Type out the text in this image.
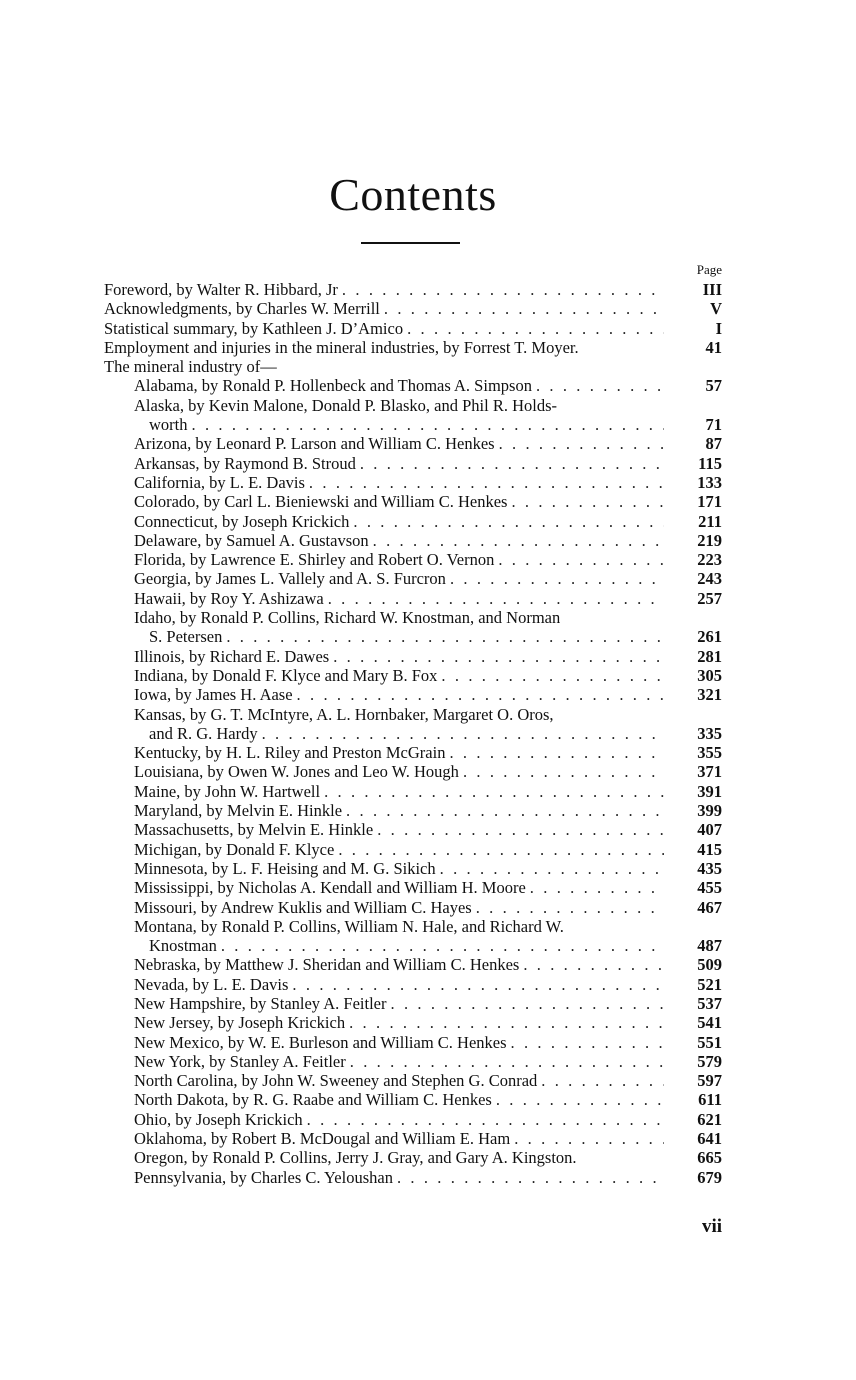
Contents
Page
Foreword, by Walter R. Hibbard, Jr . . .	III
Acknowledgments, by Charles W. Merrill . . .	V
Statistical summary, by Kathleen J. D’Amico . . .	I
Employment and injuries in the mineral industries, by Forrest T. Moyer.	41
The mineral industry of—
Alabama, by Ronald P. Hollenbeck and Thomas A. Simpson . . .	57
Alaska, by Kevin Malone, Donald P. Blasko, and Phil R. Holds-
worth . . .	71
Arizona, by Leonard P. Larson and William C. Henkes . . .	87
Arkansas, by Raymond B. Stroud . . .	115
California, by L. E. Davis . . .	133
Colorado, by Carl L. Bieniewski and William C. Henkes . . .	171
Connecticut, by Joseph Krickich . . .	211
Delaware, by Samuel A. Gustavson . . .	219
Florida, by Lawrence E. Shirley and Robert O. Vernon . . .	223
Georgia, by James L. Vallely and A. S. Furcron . . .	243
Hawaii, by Roy Y. Ashizawa . . .	257
Idaho, by Ronald P. Collins, Richard W. Knostman, and Norman
S. Petersen . . .	261
Illinois, by Richard E. Dawes . . .	281
Indiana, by Donald F. Klyce and Mary B. Fox . . .	305
Iowa, by James H. Aase . . .	321
Kansas, by G. T. McIntyre, A. L. Hornbaker, Margaret O. Oros,
and R. G. Hardy . . .	335
Kentucky, by H. L. Riley and Preston McGrain . . .	355
Louisiana, by Owen W. Jones and Leo W. Hough . . .	371
Maine, by John W. Hartwell . . .	391
Maryland, by Melvin E. Hinkle . . .	399
Massachusetts, by Melvin E. Hinkle . . .	407
Michigan, by Donald F. Klyce . . .	415
Minnesota, by L. F. Heising and M. G. Sikich . . .	435
Mississippi, by Nicholas A. Kendall and William H. Moore . . .	455
Missouri, by Andrew Kuklis and William C. Hayes . . .	467
Montana, by Ronald P. Collins, William N. Hale, and Richard W.
Knostman . . .	487
Nebraska, by Matthew J. Sheridan and William C. Henkes . . .	509
Nevada, by L. E. Davis . . .	521
New Hampshire, by Stanley A. Feitler . . .	537
New Jersey, by Joseph Krickich . . .	541
New Mexico, by W. E. Burleson and William C. Henkes . . .	551
New York, by Stanley A. Feitler . . .	579
North Carolina, by John W. Sweeney and Stephen G. Conrad . . .	597
North Dakota, by R. G. Raabe and William C. Henkes . . .	611
Ohio, by Joseph Krickich . . .	621
Oklahoma, by Robert B. McDougal and William E. Ham . . .	641
Oregon, by Ronald P. Collins, Jerry J. Gray, and Gary A. Kingston.	665
Pennsylvania, by Charles C. Yeloushan . . .	679
vii
